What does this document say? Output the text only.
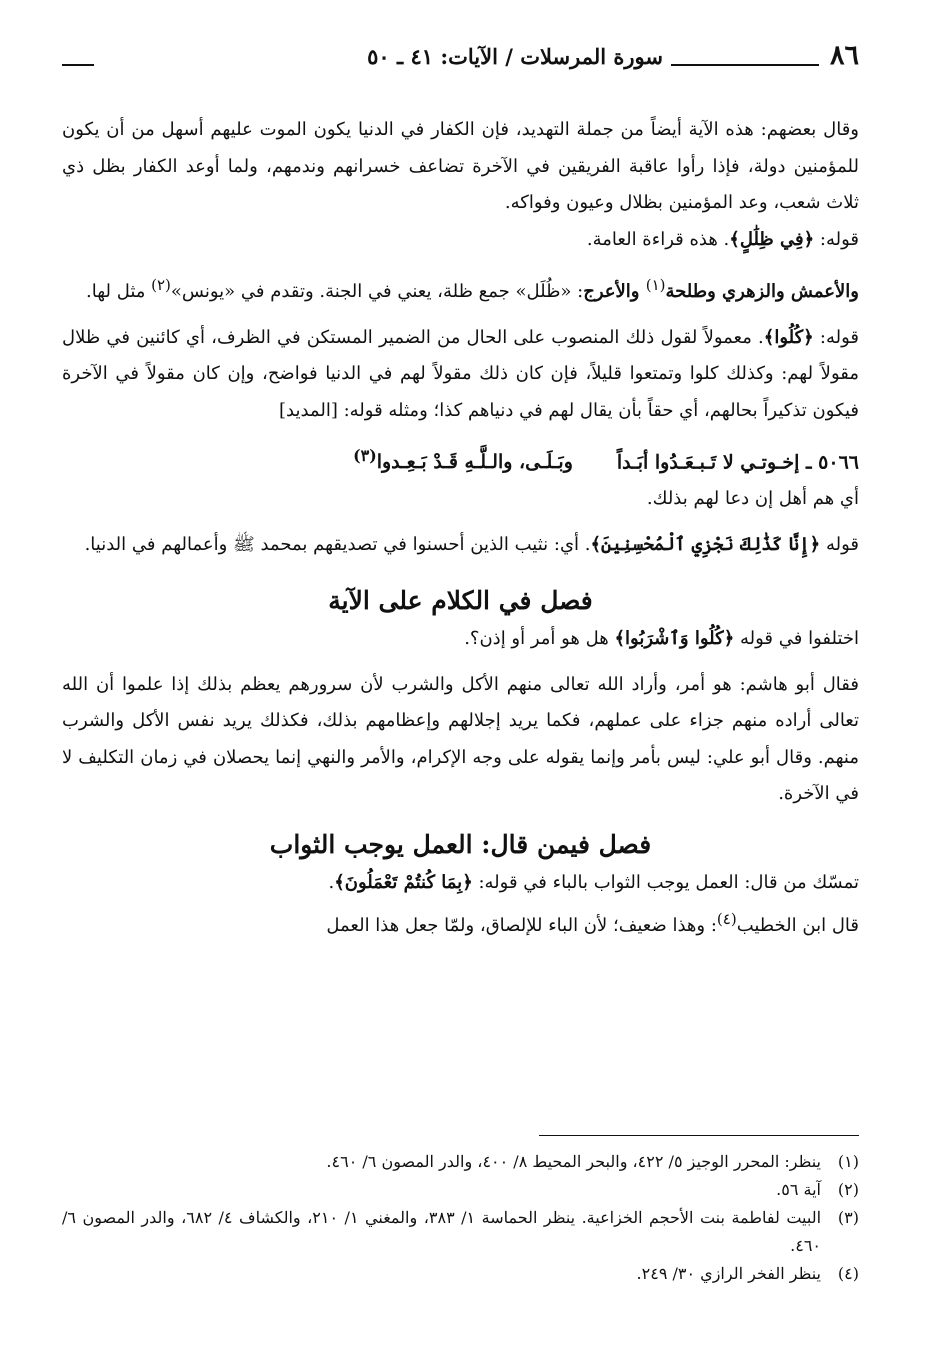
٨٦
سورة المرسلات / الآيات: ٤١ ـ ٥٠

وقال بعضهم: هذه الآية أيضاً من جملة التهديد، فإن الكفار في الدنيا يكون الموت عليهم أسهل من أن يكون للمؤمنين دولة، فإذا رأوا عاقبة الفريقين في الآخرة تضاعف خسرانهم وندمهم، ولما أوعد الكفار بظل ذي ثلاث شعب، وعد المؤمنين بظلال وعيون وفواكه.

قوله: ﴿فِي ظِلَٰلٍ﴾. هذه قراءة العامة.

والأعمش والزهري وطلحة$^{(١)}$ والأعرج: «ظُلَل» جمع ظلة، يعني في الجنة. وتقدم في «يونس»$^{(٢)}$ مثل لها.

قوله: ﴿كُلُوا﴾. معمولاً لقول ذلك المنصوب على الحال من الضمير المستكن في الظرف، أي كائنين في ظلال مقولاً لهم: وكذلك كلوا وتمتعوا قليلاً، فإن كان ذلك مقولاً لهم في الدنيا فواضح، وإن كان مقولاً في الآخرة فيكون تذكيراً بحالهم، أي حقاً بأن يقال لهم في دنياهم كذا؛ ومثله قوله: [المديد]

٥٠٦٦ ـ إخـوتـي لا تَـبـعَـدُوا أبَـداًوبَـلَـى، والـلَّـهِ قَـدْ بَـعِـدوا$^{(٣)}$

أي هم أهل إن دعا لهم بذلك.

قوله ﴿إِنَّا كَذَٰلِكَ نَجْزِي ٱلْمُحْسِنِينَ﴾. أي: نثيب الذين أحسنوا في تصديقهم بمحمد ﷺ وأعمالهم في الدنيا.

فصل في الكلام على الآية

اختلفوا في قوله ﴿كُلُوا وَٱشْرَبُوا﴾ هل هو أمر أو إذن؟.

فقال أبو هاشم: هو أمر، وأراد الله تعالى منهم الأكل والشرب لأن سرورهم يعظم بذلك إذا علموا أن الله تعالى أراده منهم جزاء على عملهم، فكما يريد إجلالهم وإعظامهم بذلك، فكذلك يريد نفس الأكل والشرب منهم. وقال أبو علي: ليس بأمر وإنما يقوله على وجه الإكرام، والأمر والنهي إنما يحصلان في زمان التكليف لا في الآخرة.

فصل فيمن قال: العمل يوجب الثواب

تمسّك من قال: العمل يوجب الثواب بالباء في قوله: ﴿بِمَا كُنتُمْ تَعْمَلُونَ﴾.

قال ابن الخطيب$^{(٤)}$: وهذا ضعيف؛ لأن الباء للإلصاق، ولمّا جعل هذا العمل

(١)
ينظر: المحرر الوجيز ٥/ ٤٢٢، والبحر المحيط ٨/ ٤٠٠، والدر المصون ٦/ ٤٦٠.
(٢)
آية ٥٦.
(٣)
البيت لفاطمة بنت الأحجم الخزاعية. ينظر الحماسة ١/ ٣٨٣، والمغني ١/ ٢١٠، والكشاف ٤/ ٦٨٢، والدر المصون ٦/ ٤٦٠.
(٤)
ينظر الفخر الرازي ٣٠/ ٢٤٩.
